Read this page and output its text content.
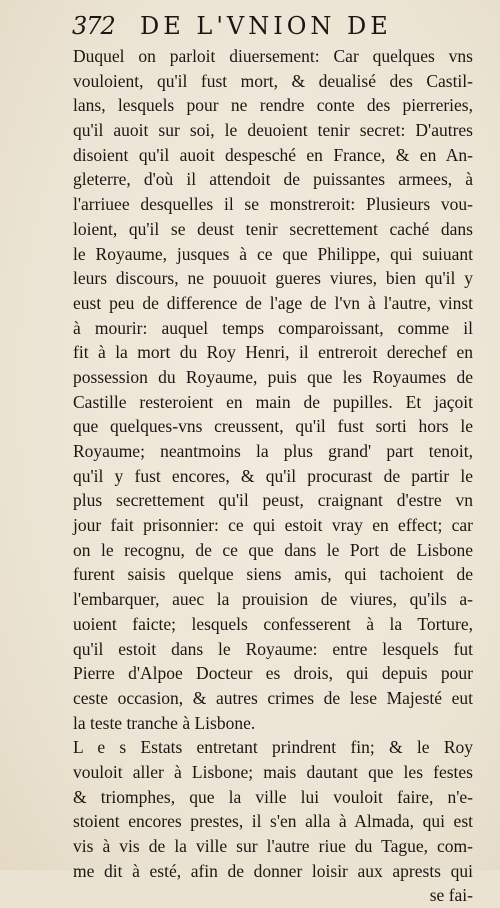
372 DE L'VNION DE
Duquel on parloit diuersement: Car quelques vns
vouloient, qu'il fust mort, & deualisé des Castil-
lans, lesquels pour ne rendre conte des pierreries,
qu'il auoit sur soi, le deuoient tenir secret: D'autres
disoient qu'il auoit despesché en France, & en An-
gleterre, d'où il attendoit de puissantes armees, à
l'arriuee desquelles il se monstreroit: Plusieurs vou-
loient, qu'il se deust tenir secrettement caché dans
le Royaume, jusques à ce que Philippe, qui suiuant
leurs discours, ne pouuoit gueres viures, bien qu'il y
eust peu de difference de l'age de l'vn à l'autre, vinst
à mourir: auquel temps comparoissant, comme il
fit à la mort du Roy Henri, il entreroit derechef en
possession du Royaume, puis que les Royaumes de
Castille resteroient en main de pupilles. Et jaçoit
que quelques-vns creussent, qu'il fust sorti hors le
Royaume; neantmoins la plus grand' part tenoit,
qu'il y fust encores, & qu'il procurast de partir le
plus secrettement qu'il peust, craignant d'estre vn
jour fait prisonnier: ce qui estoit vray en effect; car
on le recognu, de ce que dans le Port de Lisbone
furent saisis quelque siens amis, qui tachoient de
l'embarquer, auec la prouision de viures, qu'ils a-
uoient faicte; lesquels confesserent à la Torture,
qu'il estoit dans le Royaume: entre lesquels fut
Pierre d'Alpoe Docteur es drois, qui depuis pour
ceste occasion, & autres crimes de lese Majesté eut
la teste tranche à Lisbone.
L e s Estats entretant prindrent fin; & le Roy
vouloit aller à Lisbone; mais dautant que les festes
& triomphes, que la ville lui vouloit faire, n'e-
stoient encores prestes, il s'en alla à Almada, qui est
vis à vis de la ville sur l'autre riue du Tague, com-
me dit à esté, afin de donner loisir aux aprests qui
se fai-
